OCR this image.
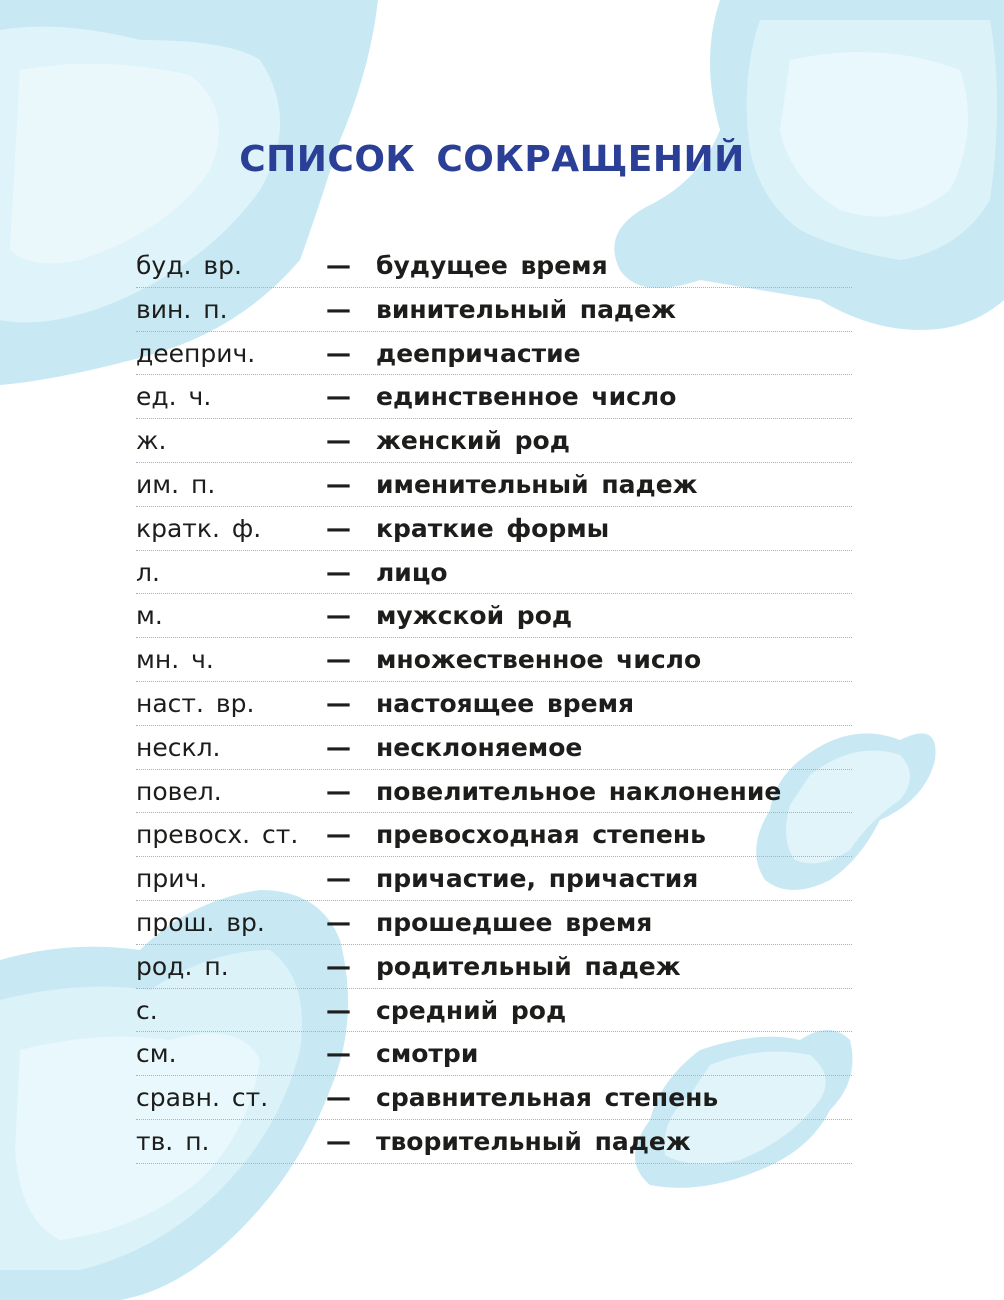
СПИСОК СОКРАЩЕНИЙ
буд. вр.	— будущее время
вин. п.	— винительный падеж
дееприч.	— деепричастие
ед. ч.	— единственное число
ж.	— женский род
им. п.	— именительный падеж
кратк. ф.	— краткие формы
л.	— лицо
м.	— мужской род
мн. ч.	— множественное число
наст. вр.	— настоящее время
нескл.	— несклоняемое
повел.	— повелительное наклонение
превосх. ст. — превосходная степень
прич.	— причастие, причастия
прош. вр. — прошедшее время
род. п.	— родительный падеж
с.	— средний род
см.	— смотри
сравн. ст. — сравнительная степень
тв. п.	— творительный падеж
